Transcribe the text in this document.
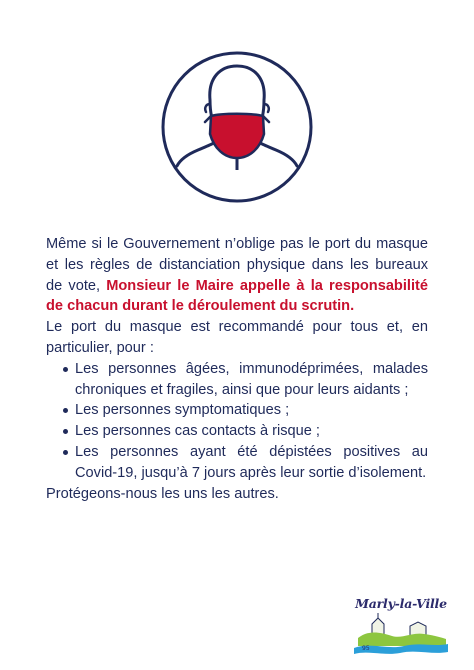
Même si le Gouvernement n’oblige pas le port du masque et les règles de distanciation physique dans les bureaux de vote, Monsieur le Maire appelle à la responsabilité de chacun durant le déroulement du scrutin.

Le port du masque est recommandé pour tous et, en particulier, pour :

Les personnes âgées, immunodéprimées, malades chroniques et fragiles, ainsi que pour leurs aidants ;
Les personnes symptomatiques ;
Les personnes cas contacts à risque ;
Les personnes ayant été dépistées positives au Covid-19, jusqu’à 7 jours après leur sortie d’isolement.

Protégeons-nous les uns les autres.

Marly-la-Ville
95
